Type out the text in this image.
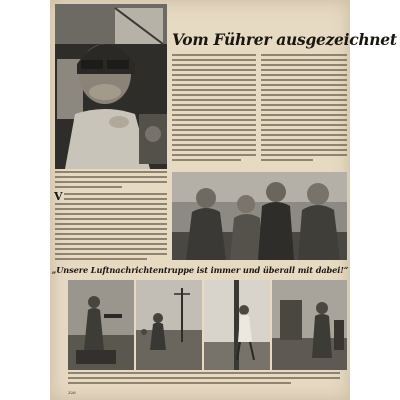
Vom Führer ausgezeichnet
V
„Unsere Luftnachrichtentruppe ist immer und überall mit dabei!“
326
